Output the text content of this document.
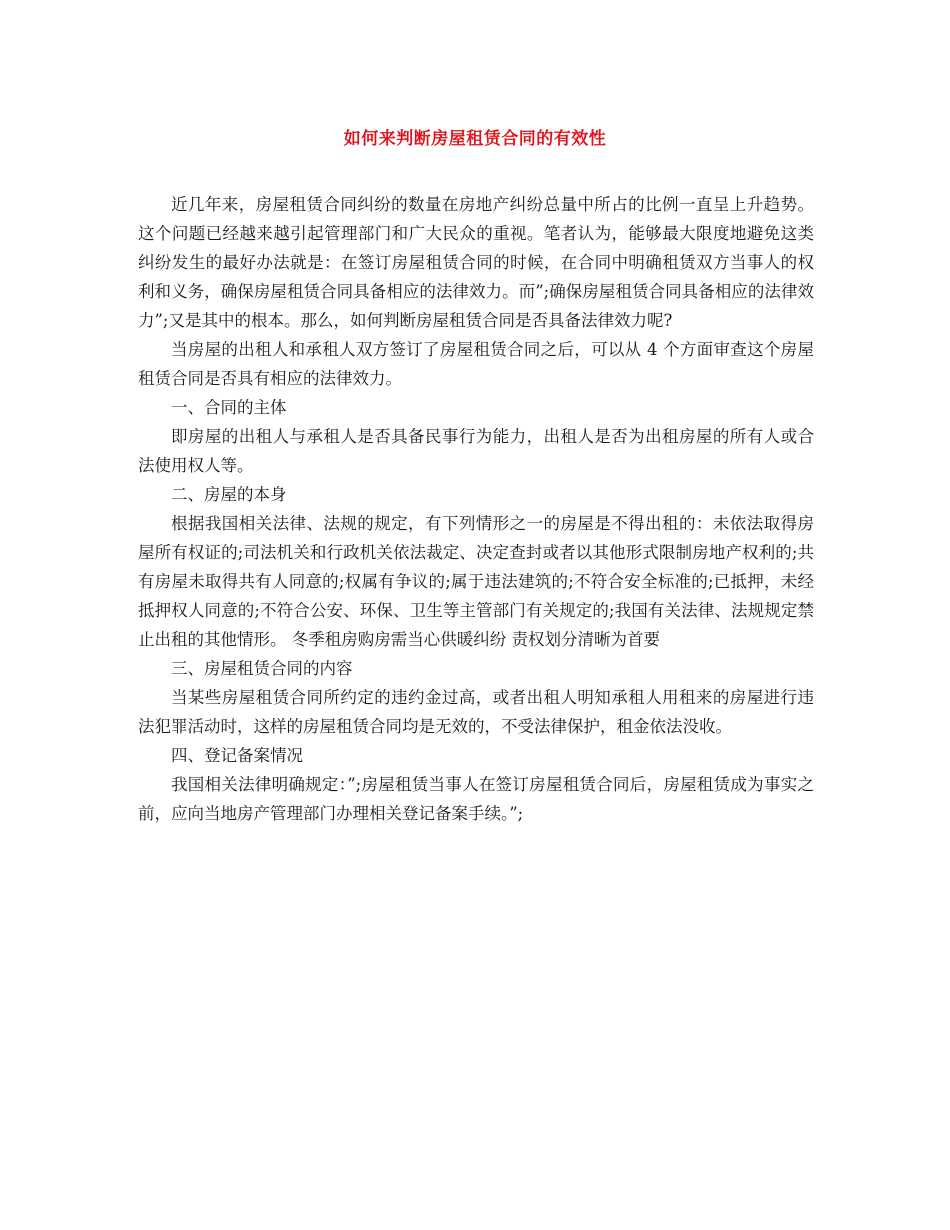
如何来判断房屋租赁合同的有效性

近几年来，房屋租赁合同纠纷的数量在房地产纠纷总量中所占的比例一直呈上升趋势。这个问题已经越来越引起管理部门和广大民众的重视。笔者认为，能够最大限度地避免这类纠纷发生的最好办法就是：在签订房屋租赁合同的时候，在合同中明确租赁双方当事人的权利和义务，确保房屋租赁合同具备相应的法律效力。而”;确保房屋租赁合同具备相应的法律效力”;又是其中的根本。那么，如何判断房屋租赁合同是否具备法律效力呢?

当房屋的出租人和承租人双方签订了房屋租赁合同之后，可以从 4 个方面审查这个房屋租赁合同是否具有相应的法律效力。

一、合同的主体

即房屋的出租人与承租人是否具备民事行为能力，出租人是否为出租房屋的所有人或合法使用权人等。

二、房屋的本身

根据我国相关法律、法规的规定，有下列情形之一的房屋是不得出租的：未依法取得房屋所有权证的;司法机关和行政机关依法裁定、决定查封或者以其他形式限制房地产权利的;共有房屋未取得共有人同意的;权属有争议的;属于违法建筑的;不符合安全标准的;已抵押，未经抵押权人同意的;不符合公安、环保、卫生等主管部门有关规定的;我国有关法律、法规规定禁止出租的其他情形。 冬季租房购房需当心供暖纠纷 责权划分清晰为首要

三、房屋租赁合同的内容

当某些房屋租赁合同所约定的违约金过高，或者出租人明知承租人用租来的房屋进行违法犯罪活动时，这样的房屋租赁合同均是无效的，不受法律保护，租金依法没收。

四、登记备案情况

我国相关法律明确规定：”;房屋租赁当事人在签订房屋租赁合同后，房屋租赁成为事实之前，应向当地房产管理部门办理相关登记备案手续。”;
